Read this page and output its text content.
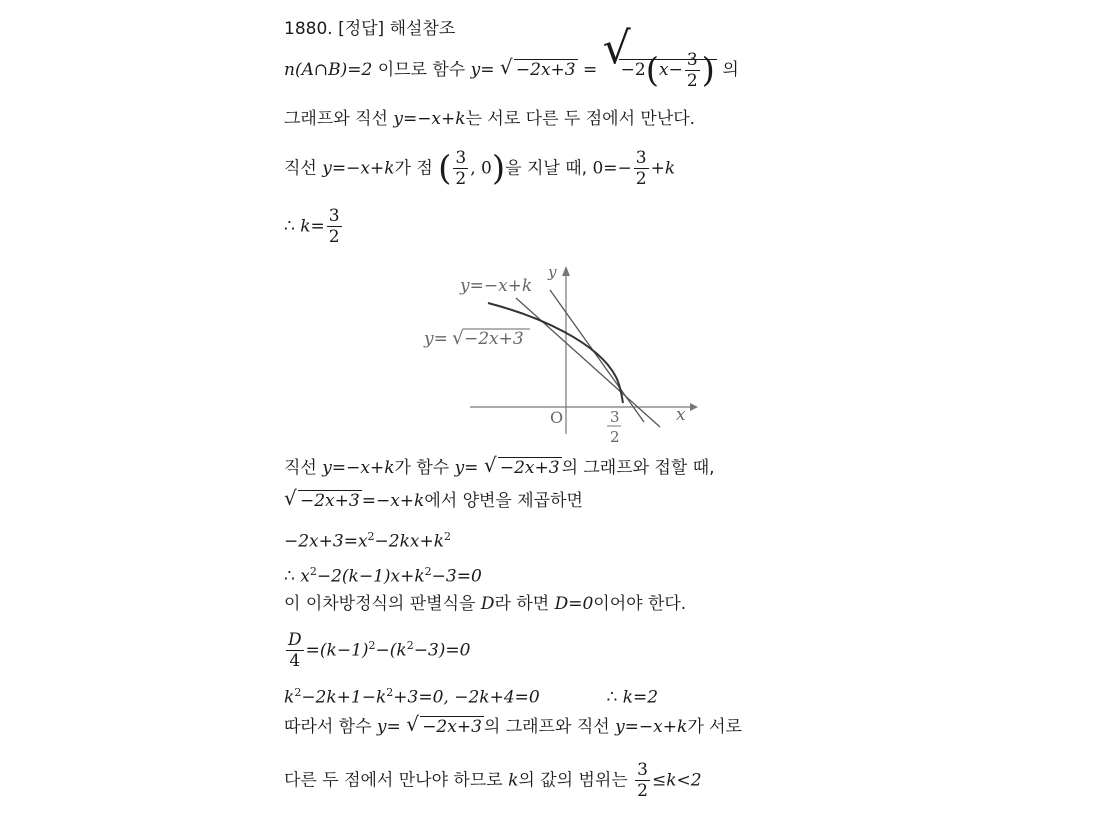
1880. [정답] 해설참조
n(A∩B)=2 이므로 함수 y= √ −2x+3 = √
$-2(x- \frac{3}{2}$ ) 의
그래프와 직선 y=−x+k는 서로 다른 두 점에서 만난다.
직선 y=−x+k가 점 ( $\frac{3}{2}$ , 0)을 지날 때, $0=- \frac{3}{2} +k$
∴ $k= \frac{3}{2}$
y=−x+k
y
y= √ −2x+3
O	x
3
2
직선 y=−x+k가 함수 y= √ −2x+3 의 그래프와 접할 때,
√ −2x+3 =−x+k에서 양변을 제곱하면
$-2x+3=x^2-2kx+k^2$
∴ $x^2-2(k-1)x+k^2-3=0$
이 이차방정식의 판별식을 D라 하면 D=0이어야 한다.
$\frac{D}{4} =(k-1)^2-(k^2-3)=0$
$k^2-2k+1-k^2+3=0$, −2k+4=0	∴ k=2
따라서 함수 y= √ −2x+3 의 그래프와 직선 y=−x+k가 서로
다른 두 점에서 만나야 하므로 k의 값의 범위는 $\frac{3}{2} \le k<2$
